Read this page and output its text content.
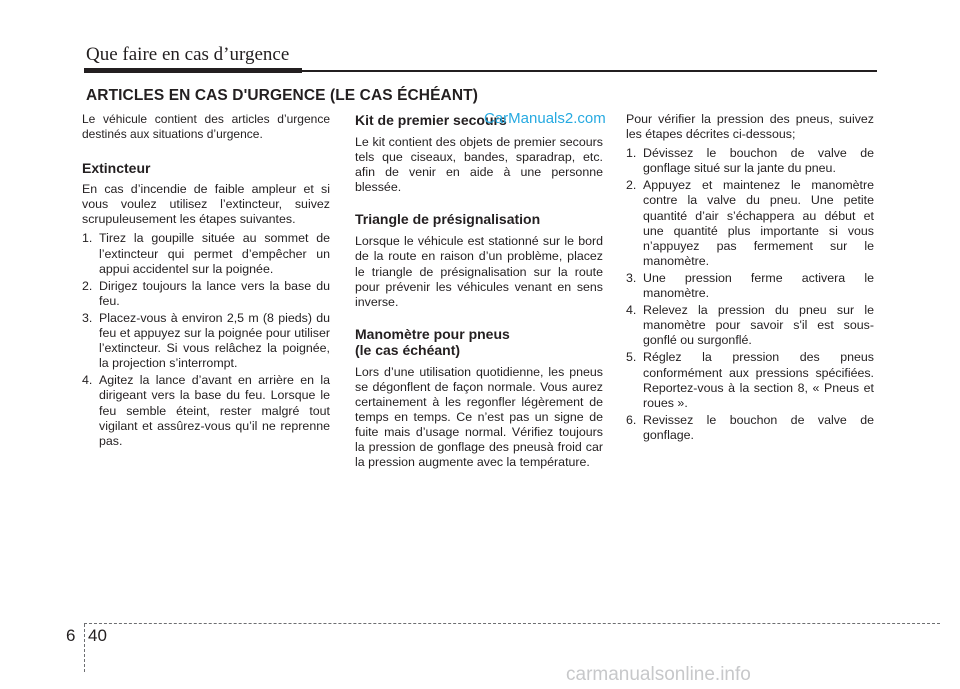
Que faire en cas d’urgence
ARTICLES EN CAS D'URGENCE (LE CAS ÉCHÉANT)

Le véhicule contient des articles d’urgence destinés aux situations d’urgence.

Extincteur

En cas d’incendie de faible ampleur et si vous voulez utilisez l’extincteur, suivez scrupuleusement les étapes suivantes.

1. Tirez la goupille située au sommet de l’extincteur qui permet d’empêcher un appui accidentel sur la poignée.
2. Dirigez toujours la lance vers la base du feu.
3. Placez-vous à environ 2,5 m (8 pieds) du feu et appuyez sur la poignée pour utiliser l’extincteur. Si vous relâchez la poignée, la projection s’interrompt.
4. Agitez la lance d’avant en arrière en la dirigeant vers la base du feu. Lorsque le feu semble éteint, rester malgré tout vigilant et assûrez-vous qu’il ne reprenne pas.
Kit de premier secours

Le kit contient des objets de premier secours tels que ciseaux, bandes, sparadrap, etc. afin de venir en aide à une personne blessée.

Triangle de présignalisation

Lorsque le véhicule est stationné sur le bord de la route en raison d’un problème, placez le triangle de présignalisation sur la route pour prévenir les véhicules venant en sens inverse.

Manomètre pour pneus
(le cas échéant)

Lors d’une utilisation quotidienne, les pneus se dégonflent de façon normale. Vous aurez certainement à les regonfler légèrement de temps en temps. Ce n’est pas un signe de fuite mais d’usage normal. Vérifiez toujours la pression de gonflage des pneusà froid car la pression augmente avec la température.

Pour vérifier la pression des pneus, suivez les étapes décrites ci-dessous;

1. Dévissez le bouchon de valve de gonflage situé sur la jante du pneu.
2. Appuyez et maintenez le manomètre contre la valve du pneu. Une petite quantité d’air s’échappera au début et une quantité plus importante si vous n’appuyez pas fermement sur le manomètre.
3. Une pression ferme activera le manomètre.
4. Relevez la pression du pneu sur le manomètre pour savoir s'il est sous-gonflé ou surgonflé.
5. Réglez la pression des pneus conformément aux pressions spécifiées. Reportez-vous à la section 8, « Pneus et roues ».
6. Revissez le bouchon de valve de gonflage.
CarManuals2.com
6 40
carmanualsonline.info
